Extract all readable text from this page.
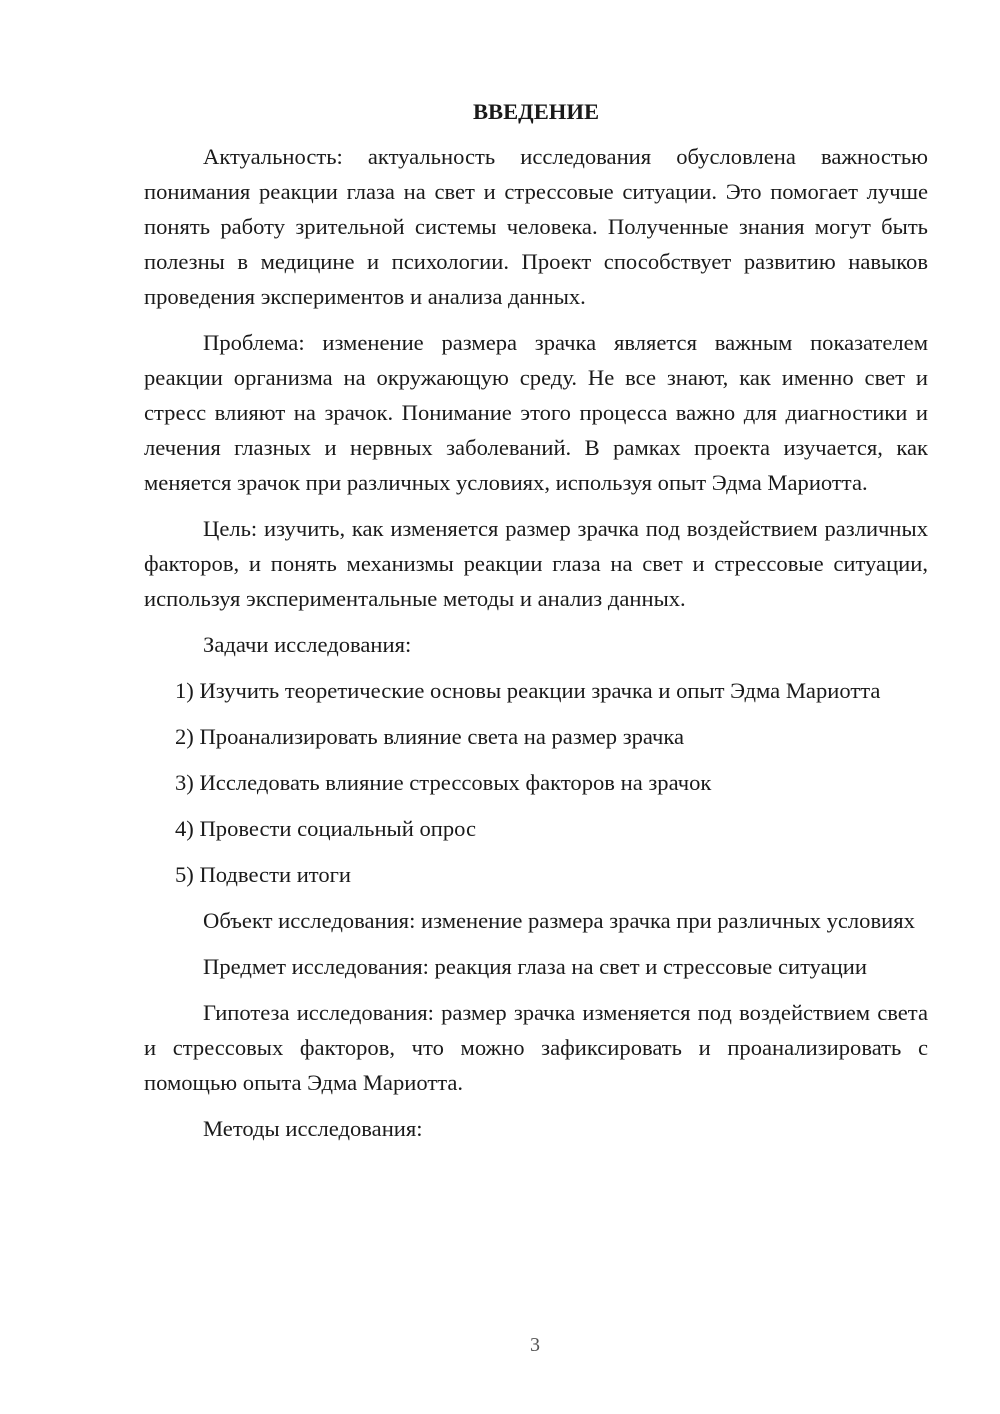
ВВЕДЕНИЕ

Актуальность: актуальность исследования обусловлена важностью понимания реакции глаза на свет и стрессовые ситуации. Это помогает лучше понять работу зрительной системы человека. Полученные знания могут быть полезны в медицине и психологии. Проект способствует развитию навыков проведения экспериментов и анализа данных.

Проблема: изменение размера зрачка является важным показателем реакции организма на окружающую среду. Не все знают, как именно свет и стресс влияют на зрачок. Понимание этого процесса важно для диагностики и лечения глазных и нервных заболеваний. В рамках проекта изучается, как меняется зрачок при различных условиях, используя опыт Эдма Мариотта.

Цель: изучить, как изменяется размер зрачка под воздействием различных факторов, и понять механизмы реакции глаза на свет и стрессовые ситуации, используя экспериментальные методы и анализ данных.

Задачи исследования:

1) Изучить теоретические основы реакции зрачка и опыт Эдма Мариотта

2) Проанализировать влияние света на размер зрачка

3) Исследовать влияние стрессовых факторов на зрачок

4) Провести социальный опрос

5) Подвести итоги

Объект исследования: изменение размера зрачка при различных условиях

Предмет исследования: реакция глаза на свет и стрессовые ситуации

Гипотеза исследования: размер зрачка изменяется под воздействием света и стрессовых факторов, что можно зафиксировать и проанализировать с помощью опыта Эдма Мариотта.

Методы исследования:

3
